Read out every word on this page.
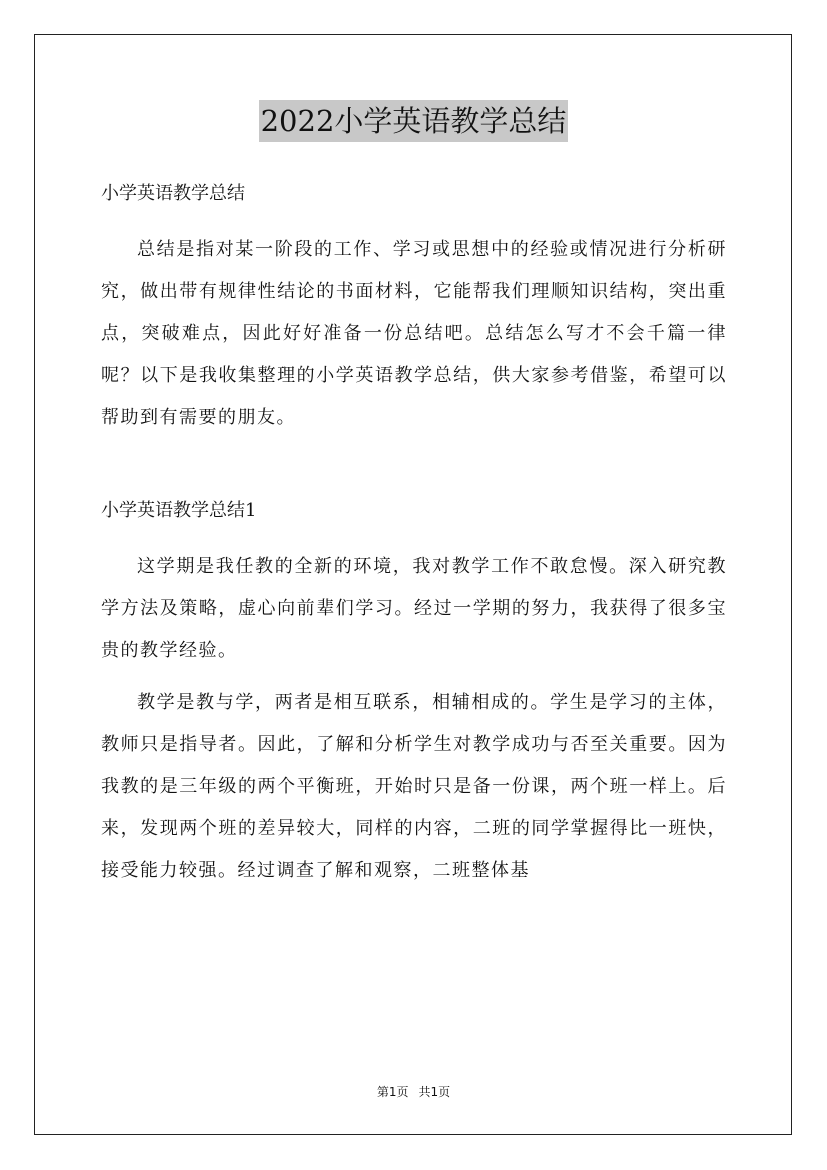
2022小学英语教学总结

小学英语教学总结

总结是指对某一阶段的工作、学习或思想中的经验或情况进行分析研究，做出带有规律性结论的书面材料，它能帮我们理顺知识结构，突出重点，突破难点，因此好好准备一份总结吧。总结怎么写才不会千篇一律呢？以下是我收集整理的小学英语教学总结，供大家参考借鉴，希望可以帮助到有需要的朋友。

小学英语教学总结1

这学期是我任教的全新的环境，我对教学工作不敢怠慢。深入研究教学方法及策略，虚心向前辈们学习。经过一学期的努力，我获得了很多宝贵的教学经验。

教学是教与学，两者是相互联系，相辅相成的。学生是学习的主体，教师只是指导者。因此，了解和分析学生对教学成功与否至关重要。因为我教的是三年级的两个平衡班，开始时只是备一份课，两个班一样上。后来，发现两个班的差异较大，同样的内容，二班的同学掌握得比一班快，接受能力较强。经过调查了解和观察，二班整体基

第1页 共1页
